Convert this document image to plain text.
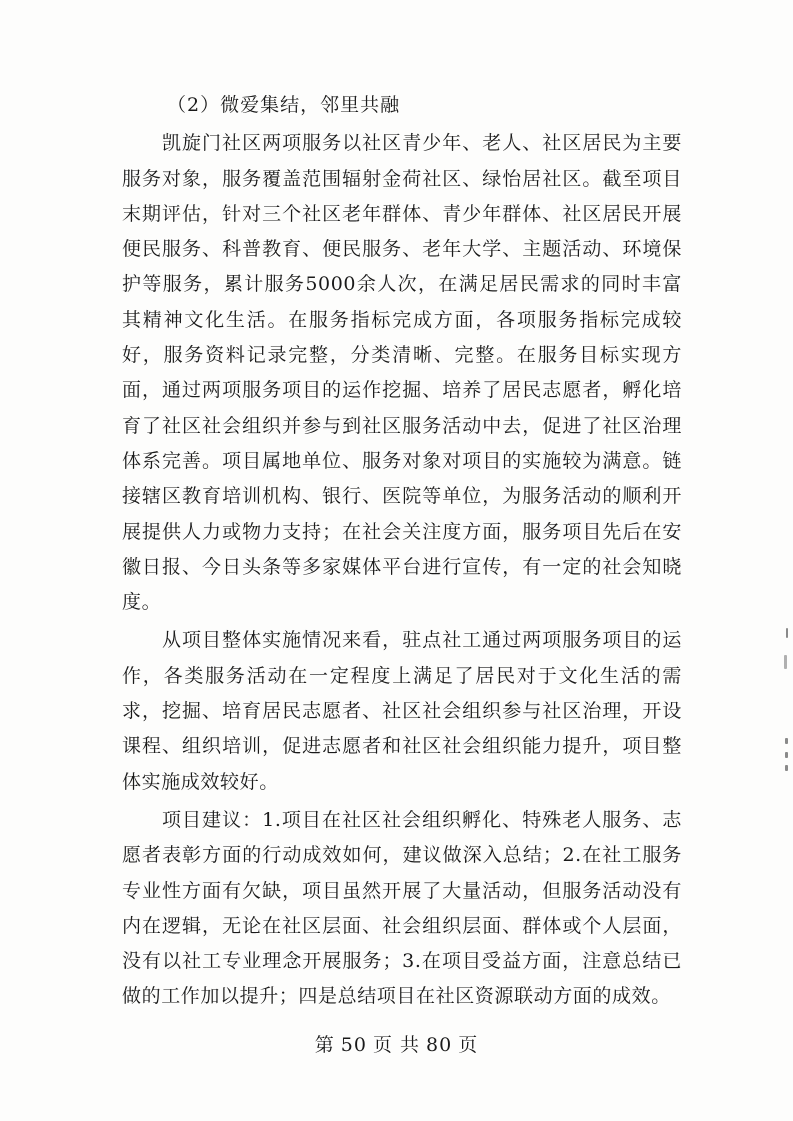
（2）微爱集结，邻里共融

凯旋门社区两项服务以社区青少年、老人、社区居民为主要服务对象，服务覆盖范围辐射金荷社区、绿怡居社区。截至项目末期评估，针对三个社区老年群体、青少年群体、社区居民开展便民服务、科普教育、便民服务、老年大学、主题活动、环境保护等服务，累计服务5000余人次，在满足居民需求的同时丰富其精神文化生活。在服务指标完成方面，各项服务指标完成较好，服务资料记录完整，分类清晰、完整。在服务目标实现方面，通过两项服务项目的运作挖掘、培养了居民志愿者，孵化培育了社区社会组织并参与到社区服务活动中去，促进了社区治理体系完善。项目属地单位、服务对象对项目的实施较为满意。链接辖区教育培训机构、银行、医院等单位，为服务活动的顺利开展提供人力或物力支持；在社会关注度方面，服务项目先后在安徽日报、今日头条等多家媒体平台进行宣传，有一定的社会知晓度。

从项目整体实施情况来看，驻点社工通过两项服务项目的运作，各类服务活动在一定程度上满足了居民对于文化生活的需求，挖掘、培育居民志愿者、社区社会组织参与社区治理，开设课程、组织培训，促进志愿者和社区社会组织能力提升，项目整体实施成效较好。

项目建议：1.项目在社区社会组织孵化、特殊老人服务、志愿者表彰方面的行动成效如何，建议做深入总结；2.在社工服务专业性方面有欠缺，项目虽然开展了大量活动，但服务活动没有内在逻辑，无论在社区层面、社会组织层面、群体或个人层面，没有以社工专业理念开展服务；3.在项目受益方面，注意总结已做的工作加以提升；四是总结项目在社区资源联动方面的成效。

第 50 页 共 80 页
